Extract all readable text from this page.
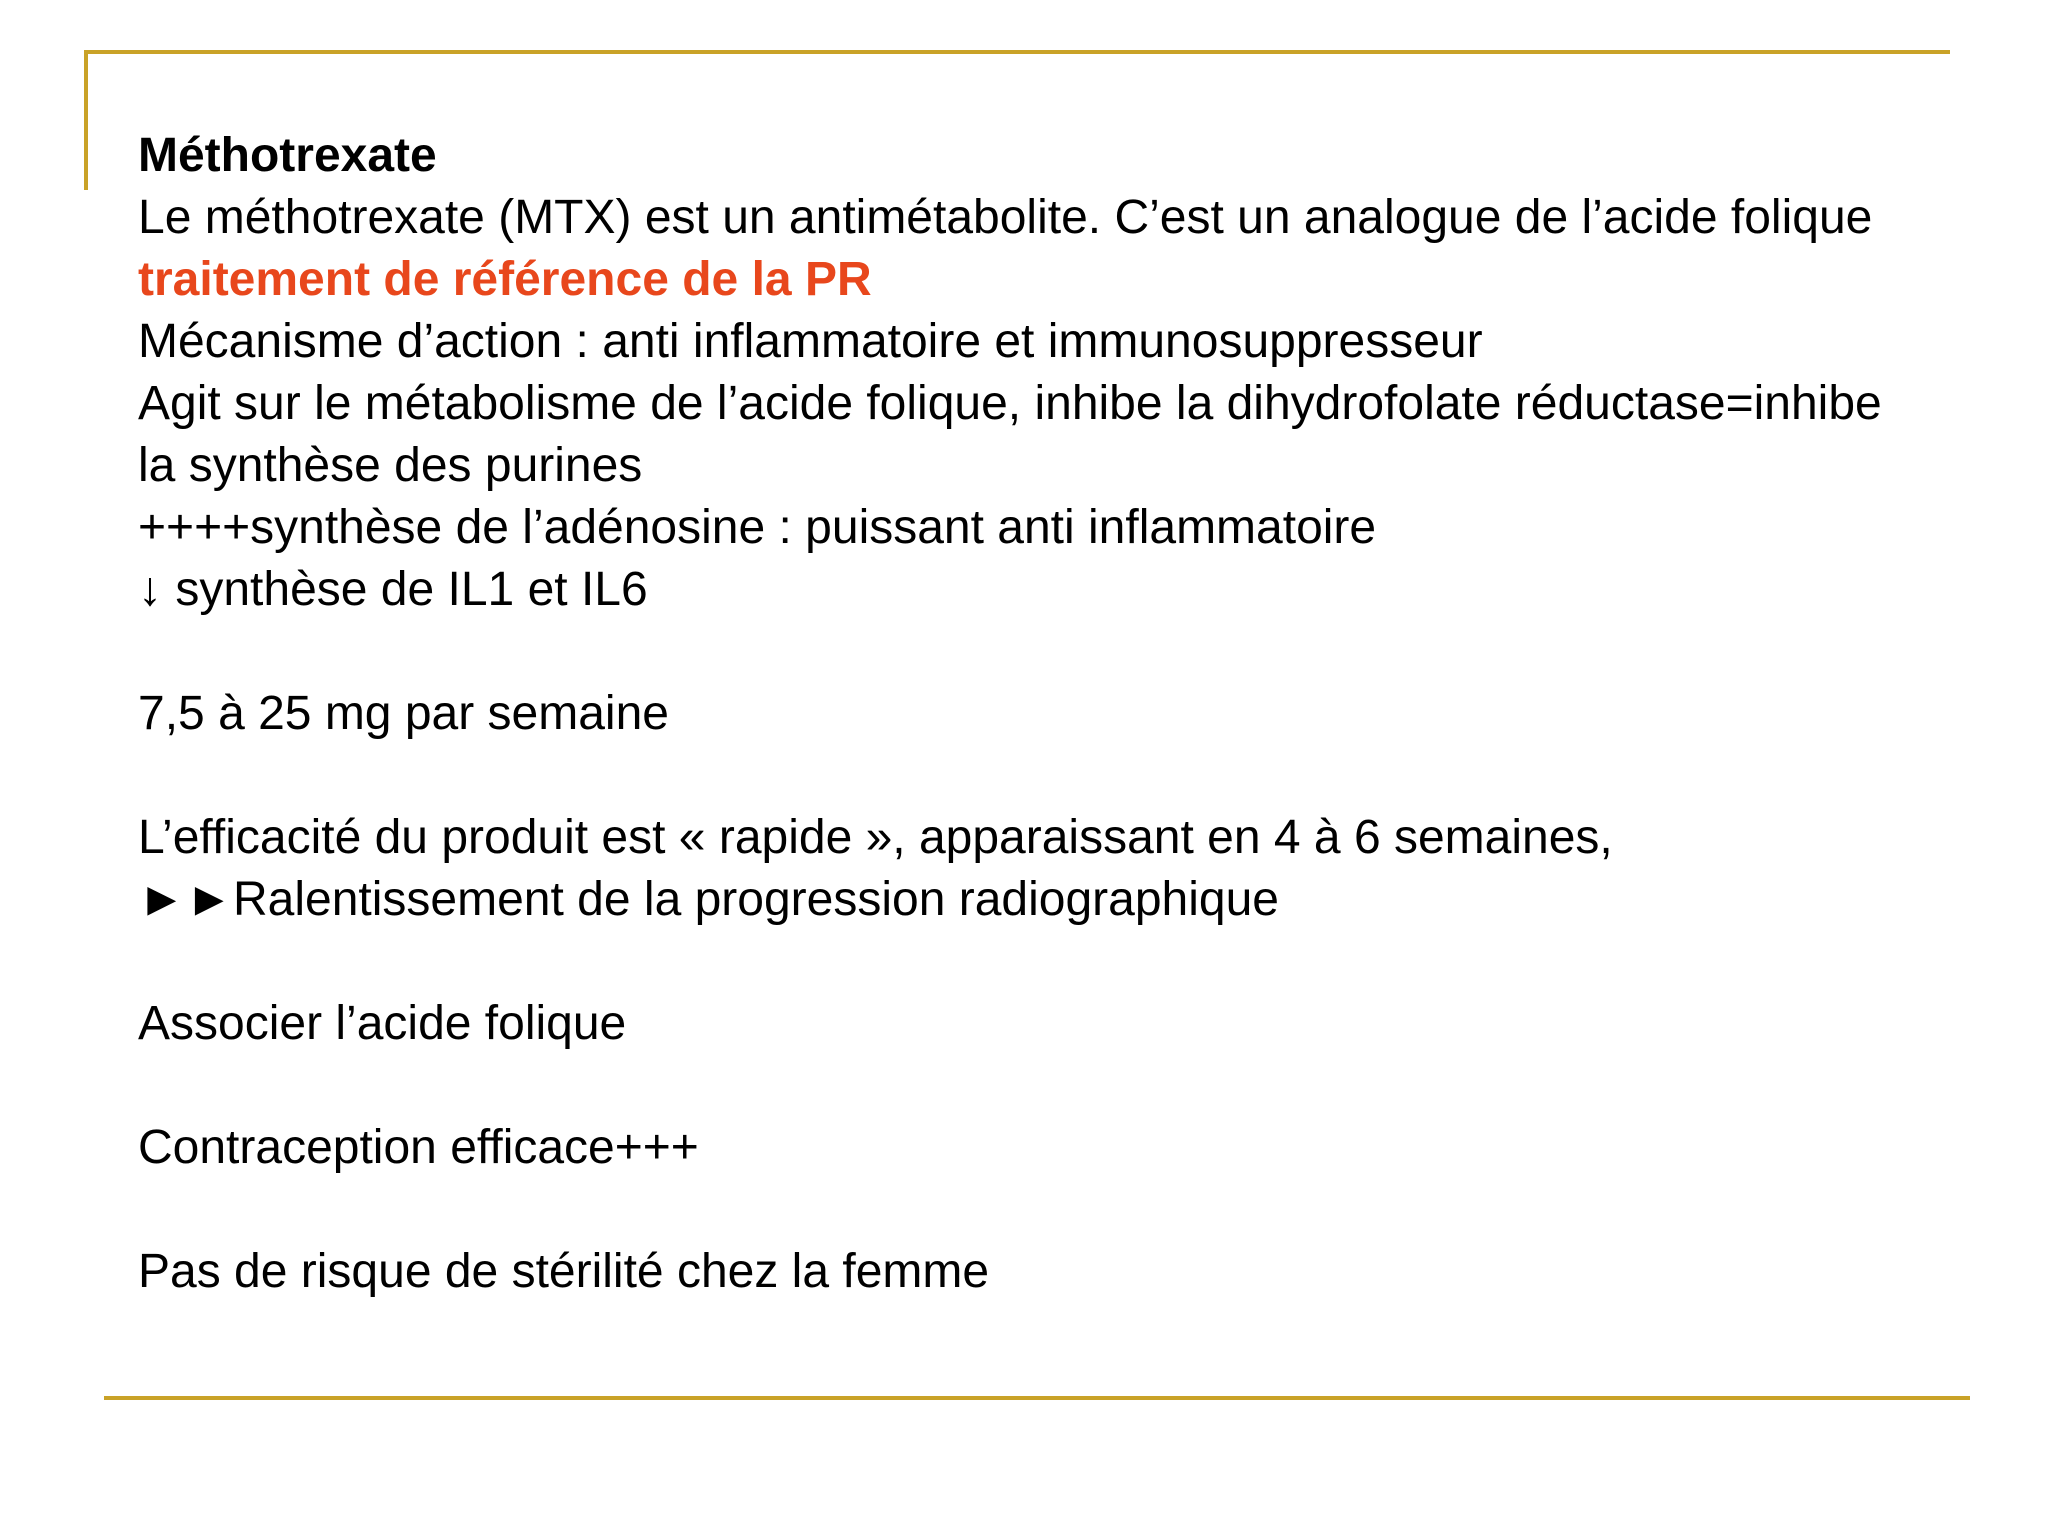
Méthotrexate
Le méthotrexate (MTX) est un antimétabolite. C’est un analogue de l’acide folique
traitement de référence de la PR
Mécanisme d’action : anti inflammatoire et immunosuppresseur
Agit sur le métabolisme de l’acide folique, inhibe la dihydrofolate réductase=inhibe
la synthèse des purines
++++synthèse de l’adénosine : puissant anti inflammatoire
↓ synthèse de IL1 et IL6
7,5 à 25 mg par semaine
L’efficacité du produit est « rapide », apparaissant en 4 à 6 semaines,
►►Ralentissement de la progression radiographique
Associer l’acide folique
Contraception efficace+++
Pas de risque de stérilité chez la femme
